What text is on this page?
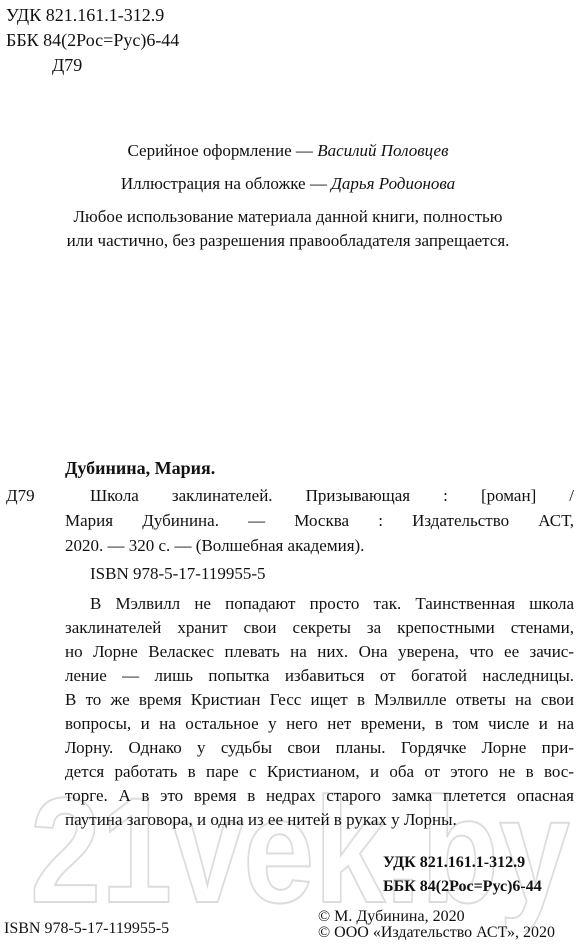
21vek.by
УДК 821.161.1-312.9
ББК 84(2Рос=Рус)6-44
Д79
Серийное оформление — Василий Половцев
Иллюстрация на обложке — Дарья Родионова
Любое использование материала данной книги, полностью
или частично, без разрешения правообладателя запрещается.
Дубинина, Мария.
Д79	Школа заклинателей. Призывающая : [роман] /
Мария Дубинина. — Москва : Издательство АСТ,
2020. — 320 с. — (Волшебная академия).
ISBN 978-5-17-119955-5
В Мэлвилл не попадают просто так. Таинственная школа
заклинателей хранит свои секреты за крепостными стенами,
но Лорне Веласкес плевать на них. Она уверена, что ее зачис-
ление — лишь попытка избавиться от богатой наследницы.
В то же время Кристиан Гесс ищет в Мэлвилле ответы на свои
вопросы, и на остальное у него нет времени, в том числе и на
Лорну. Однако у судьбы свои планы. Гордячке Лорне при-
дется работать в паре с Кристианом, и оба от этого не в вос-
торге. А в это время в недрах старого замка плетется опасная
паутина заговора, и одна из ее нитей в руках у Лорны.
УДК 821.161.1-312.9
ББК 84(2Рос=Рус)6-44
ISBN 978-5-17-119955-5
© М. Дубинина, 2020
© ООО «Издательство АСТ», 2020
